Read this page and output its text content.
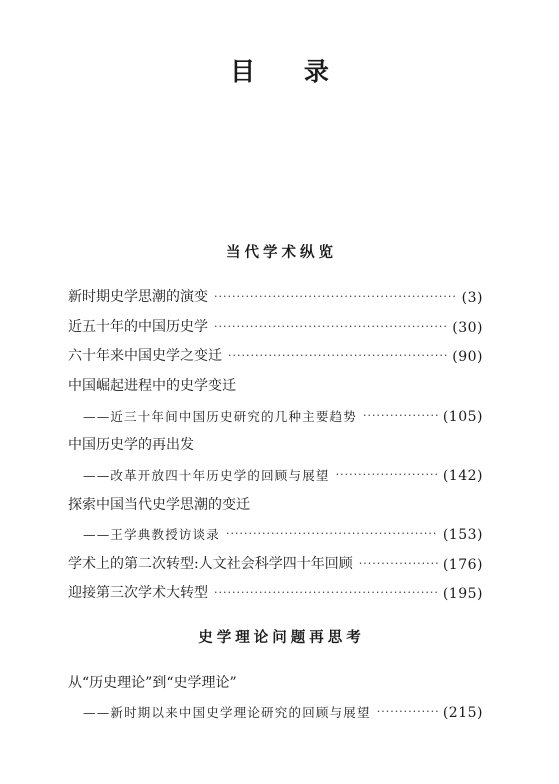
目 录
当代学术纵览
新时期史学思潮的演变 ·····	(3)
近五十年的中国历史学 ·····	(30)
六十年来中国史学之变迁 ·····	(90)
中国崛起进程中的史学变迁
——近三十年间中国历史研究的几种主要趋势 ·····	(105)
中国历史学的再出发
——改革开放四十年历史学的回顾与展望 ·····	(142)
探索中国当代史学思潮的变迁
——王学典教授访谈录 ·····	(153)
学术上的第二次转型:人文社会科学四十年回顾 ·····	(176)
迎接第三次学术大转型 ·····	(195)
史学理论问题再思考
从“历史理论”到“史学理论”
——新时期以来中国史学理论研究的回顾与展望 ·····	(215)
